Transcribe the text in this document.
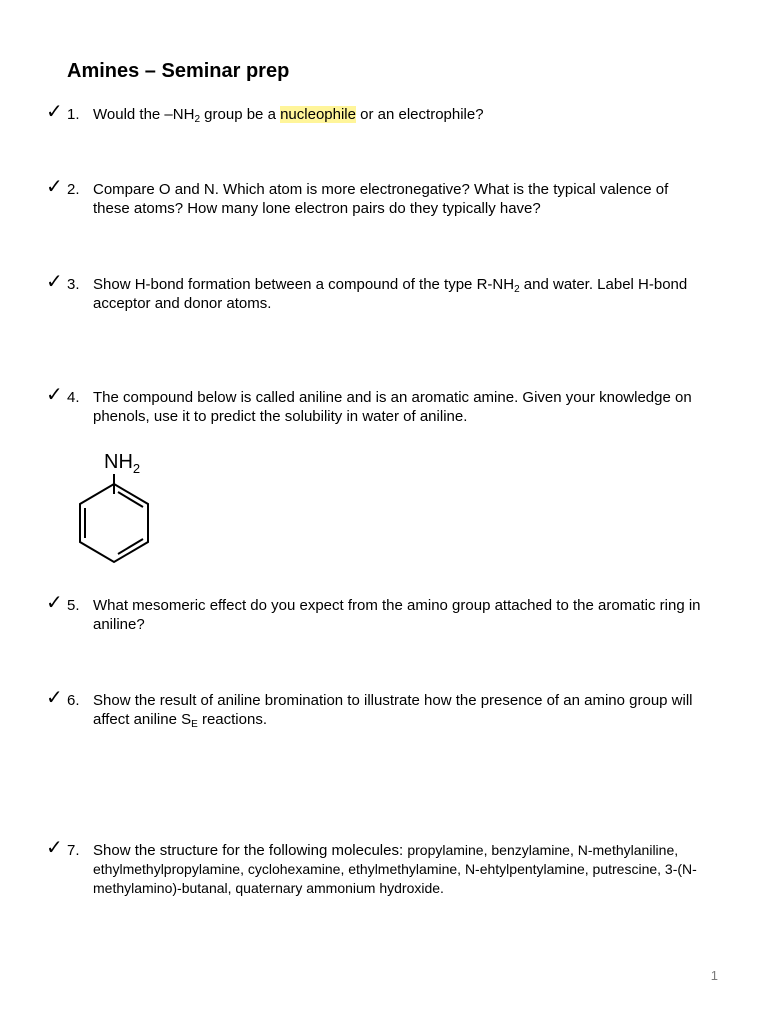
Amines – Seminar prep
✓ 1. Would the $-NH_2$ group be a nucleophile or an electrophile?

✓ 2. Compare O and N. Which atom is more electronegative? What is the typical valence of these atoms? How many lone electron pairs do they typically have?

✓ 3. Show H-bond formation between a compound of the type $R-NH_2$ and water. Label H-bond acceptor and donor atoms.

✓ 4. The compound below is called aniline and is an aromatic amine. Given your knowledge on phenols, use it to predict the solubility in water of aniline.

$NH_2$
✓ 5. What mesomeric effect do you expect from the amino group attached to the aromatic ring in aniline?

✓ 6. Show the result of aniline bromination to illustrate how the presence of an amino group will affect aniline $S_E$ reactions.

✓ 7. Show the structure for the following molecules: propylamine, benzylamine, N-methylaniline, ethylmethylpropylamine, cyclohexamine, ethylmethylamine, N-ehtylpentylamine, putrescine, 3-(N-methylamino)-butanal, quaternary ammonium hydroxide.

1
